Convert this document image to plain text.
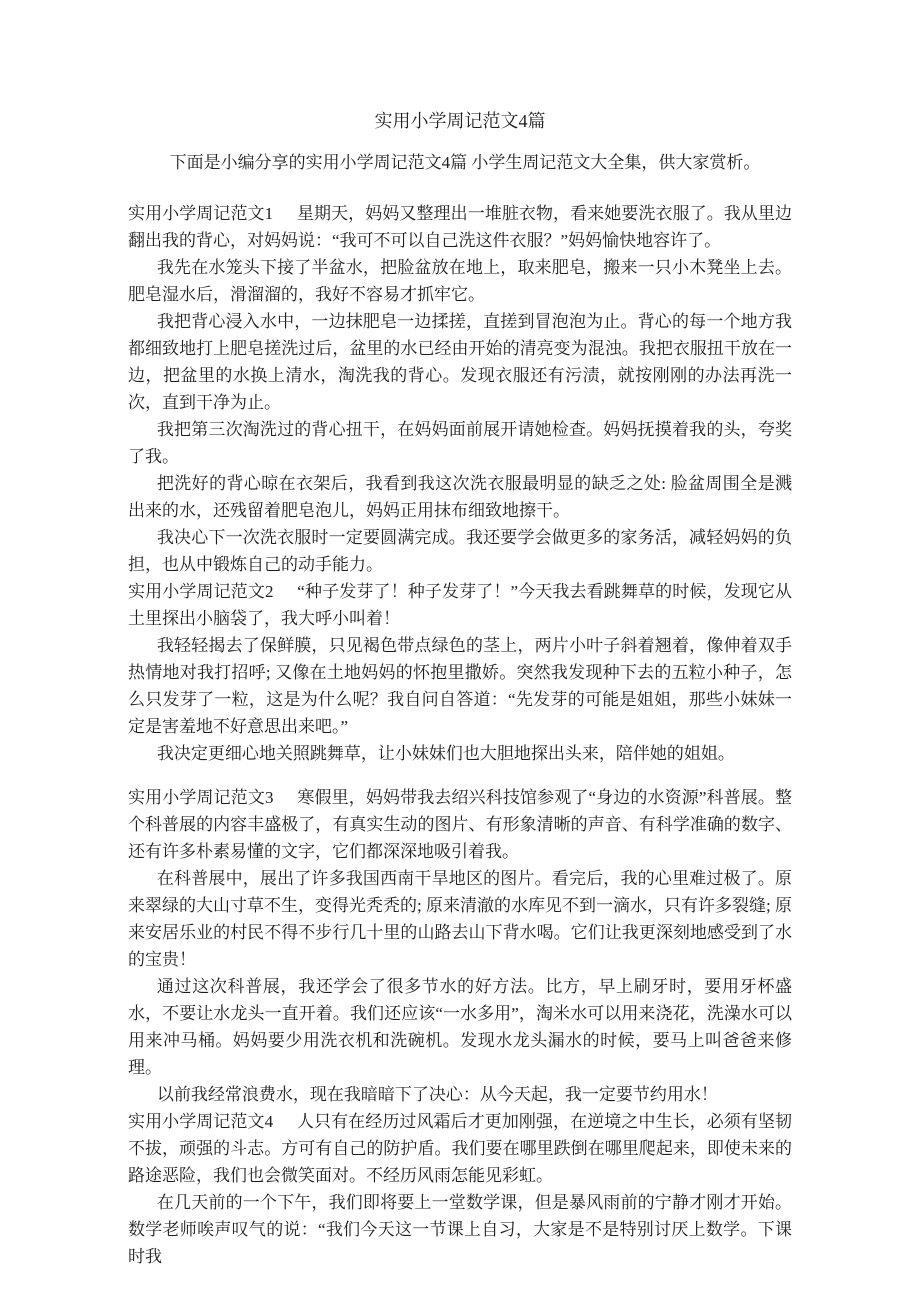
实用小学周记范文4篇

下面是小编分享的实用小学周记范文4篇 小学生周记范文大全集，供大家赏析。

实用小学周记范文1 星期天，妈妈又整理出一堆脏衣物，看来她要洗衣服了。我从里边翻出我的背心，对妈妈说：“我可不可以自己洗这件衣服？”妈妈愉快地容许了。

我先在水笼头下接了半盆水，把脸盆放在地上，取来肥皂，搬来一只小木凳坐上去。肥皂湿水后，滑溜溜的，我好不容易才抓牢它。

我把背心浸入水中，一边抹肥皂一边揉搓，直搓到冒泡泡为止。背心的每一个地方我都细致地打上肥皂搓洗过后，盆里的水已经由开始的清亮变为混浊。我把衣服扭干放在一边，把盆里的水换上清水，淘洗我的背心。发现衣服还有污渍，就按刚刚的办法再洗一次，直到干净为止。

我把第三次淘洗过的背心扭干，在妈妈面前展开请她检查。妈妈抚摸着我的头，夸奖了我。

把洗好的背心晾在衣架后，我看到我这次洗衣服最明显的缺乏之处: 脸盆周围全是溅出来的水，还残留着肥皂泡儿，妈妈正用抹布细致地擦干。

我决心下一次洗衣服时一定要圆满完成。我还要学会做更多的家务活，减轻妈妈的负担，也从中锻炼自己的动手能力。

实用小学周记范文2 “种子发芽了！种子发芽了！”今天我去看跳舞草的时候，发现它从土里探出小脑袋了，我大呼小叫着！

我轻轻揭去了保鲜膜，只见褐色带点绿色的茎上，两片小叶子斜着翘着，像伸着双手热情地对我打招呼; 又像在土地妈妈的怀抱里撒娇。突然我发现种下去的五粒小种子，怎么只发芽了一粒，这是为什么呢？我自问自答道：“先发芽的可能是姐姐，那些小妹妹一定是害羞地不好意思出来吧。”

我决定更细心地关照跳舞草，让小妹妹们也大胆地探出头来，陪伴她的姐姐。

实用小学周记范文3 寒假里，妈妈带我去绍兴科技馆参观了“身边的水资源”科普展。整个科普展的内容丰盛极了，有真实生动的图片、有形象清晰的声音、有科学准确的数字、还有许多朴素易懂的文字，它们都深深地吸引着我。

在科普展中，展出了许多我国西南干旱地区的图片。看完后，我的心里难过极了。原来翠绿的大山寸草不生，变得光秃秃的; 原来清澈的水库见不到一滴水，只有许多裂缝; 原来安居乐业的村民不得不步行几十里的山路去山下背水喝。它们让我更深刻地感受到了水的宝贵！

通过这次科普展，我还学会了很多节水的好方法。比方，早上刷牙时，要用牙杯盛水，不要让水龙头一直开着。我们还应该“一水多用”，淘米水可以用来浇花，洗澡水可以用来冲马桶。妈妈要少用洗衣机和洗碗机。发现水龙头漏水的时候，要马上叫爸爸来修理。

以前我经常浪费水，现在我暗暗下了决心：从今天起，我一定要节约用水！

实用小学周记范文4 人只有在经历过风霜后才更加刚强，在逆境之中生长，必须有坚韧不拔，顽强的斗志。方可有自己的防护盾。我们要在哪里跌倒在哪里爬起来，即使未来的路途恶险，我们也会微笑面对。不经历风雨怎能见彩虹。

在几天前的一个下午，我们即将要上一堂数学课，但是暴风雨前的宁静才刚才开始。数学老师唉声叹气的说：“我们今天这一节课上自习，大家是不是特别讨厌上数学。下课时我
